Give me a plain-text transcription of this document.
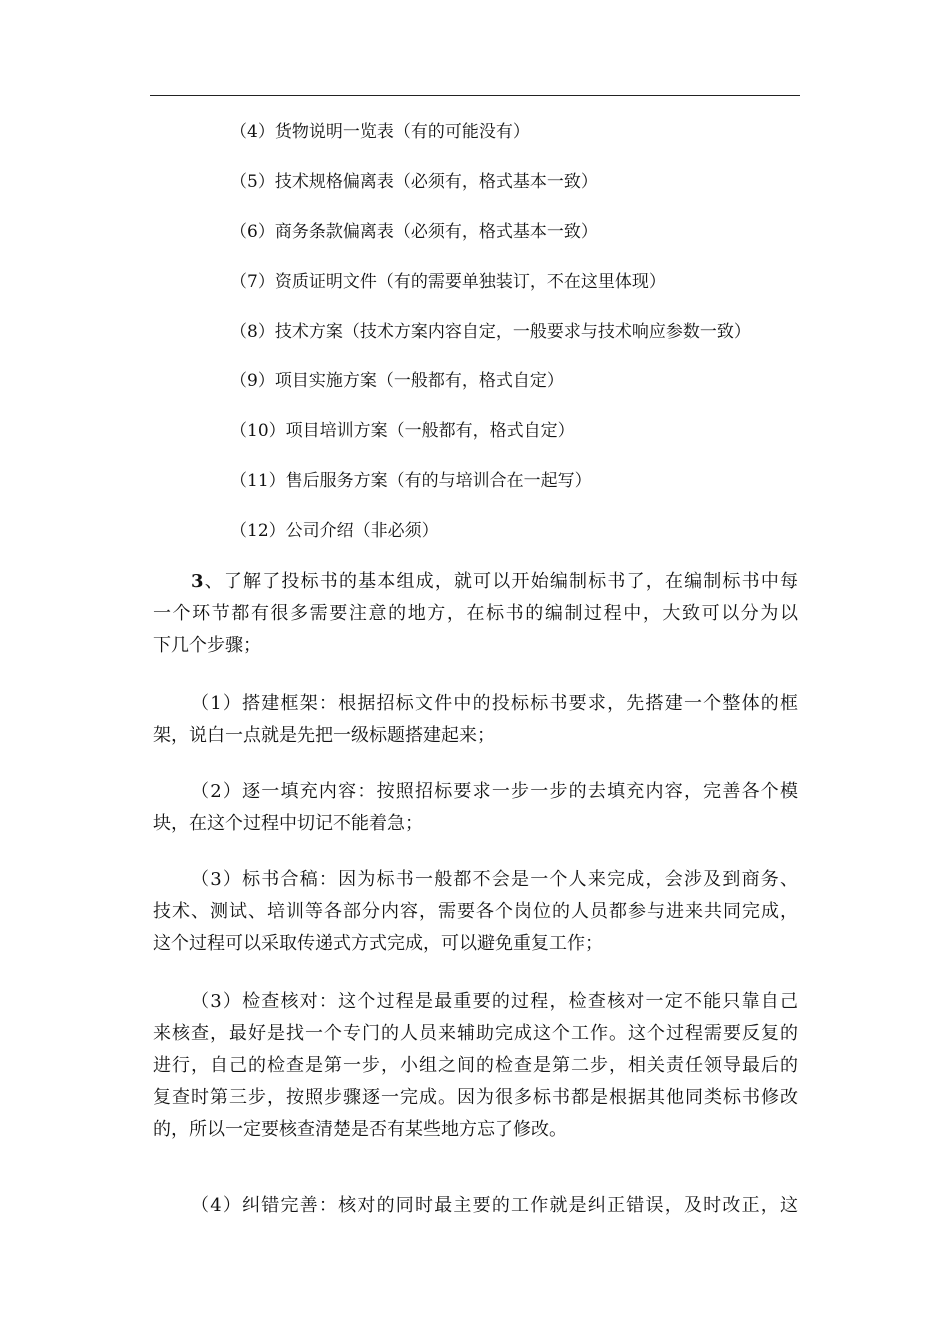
（4）货物说明一览表（有的可能没有）
（5）技术规格偏离表（必须有，格式基本一致）
（6）商务条款偏离表（必须有，格式基本一致）
（7）资质证明文件（有的需要单独装订，不在这里体现）
（8）技术方案（技术方案内容自定，一般要求与技术响应参数一致）
（9）项目实施方案（一般都有，格式自定）
（10）项目培训方案（一般都有，格式自定）
（11）售后服务方案（有的与培训合在一起写）
（12）公司介绍（非必须）
3、了解了投标书的基本组成，就可以开始编制标书了，在编制标书中每
一个环节都有很多需要注意的地方，在标书的编制过程中，大致可以分为以
下几个步骤；
（1）搭建框架：根据招标文件中的投标标书要求，先搭建一个整体的框
架，说白一点就是先把一级标题搭建起来；
（2）逐一填充内容：按照招标要求一步一步的去填充内容，完善各个模
块，在这个过程中切记不能着急；
（3）标书合稿：因为标书一般都不会是一个人来完成，会涉及到商务、
技术、测试、培训等各部分内容，需要各个岗位的人员都参与进来共同完成，
这个过程可以采取传递式方式完成，可以避免重复工作；
（3）检查核对：这个过程是最重要的过程，检查核对一定不能只靠自己
来核查，最好是找一个专门的人员来辅助完成这个工作。这个过程需要反复的
进行，自己的检查是第一步，小组之间的检查是第二步，相关责任领导最后的
复查时第三步，按照步骤逐一完成。因为很多标书都是根据其他同类标书修改
的，所以一定要核查清楚是否有某些地方忘了修改。
（4）纠错完善：核对的同时最主要的工作就是纠正错误，及时改正，这
